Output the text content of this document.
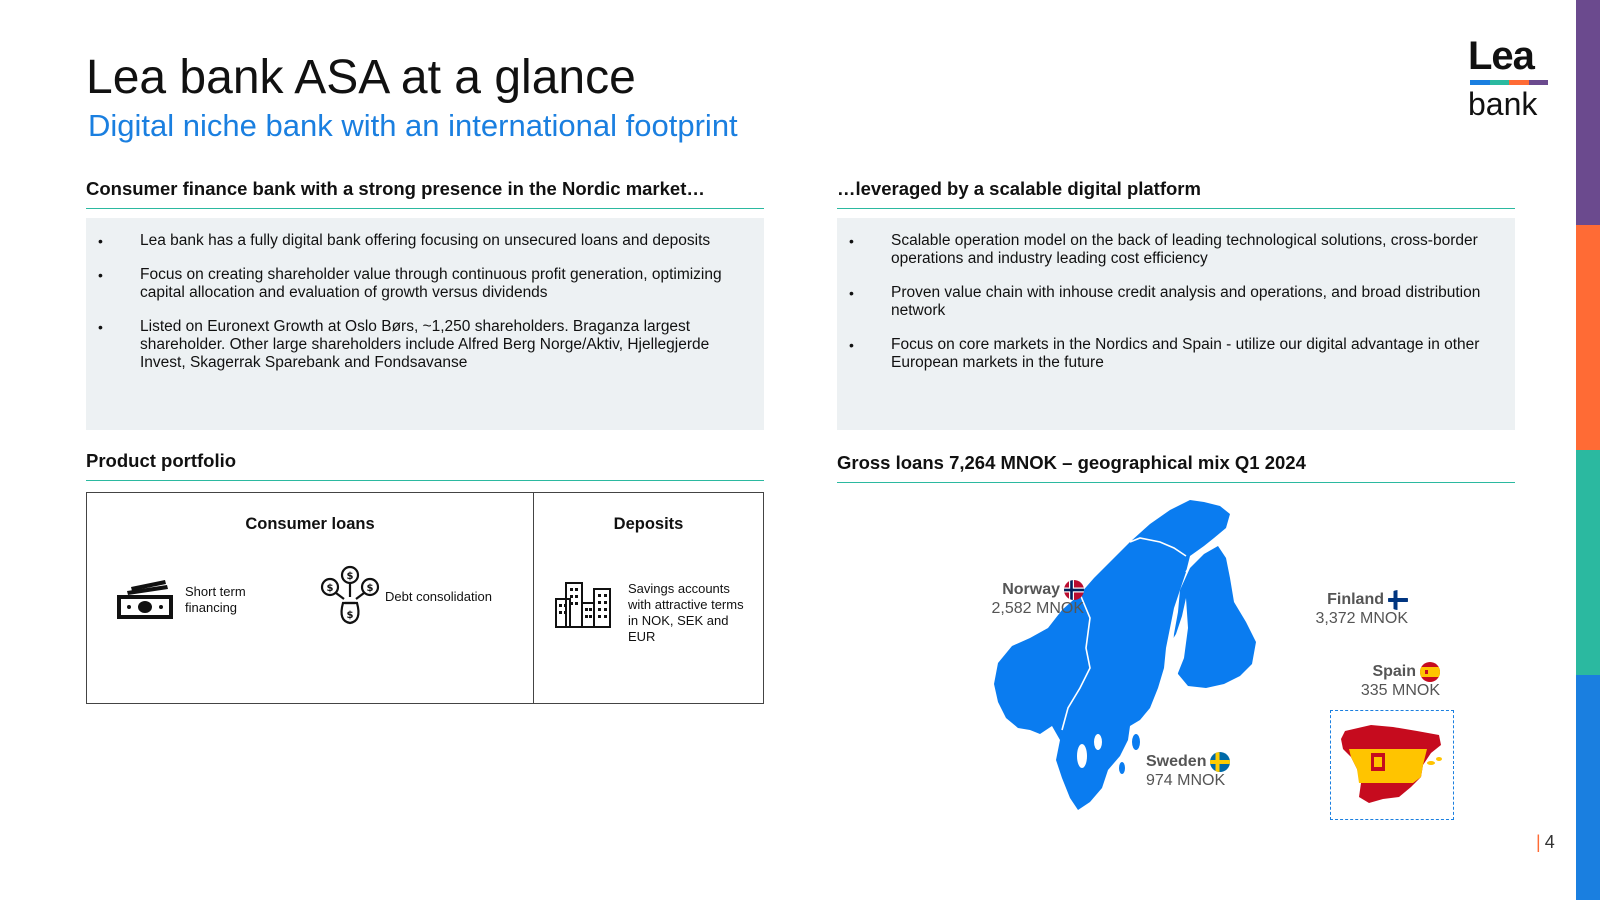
Lea bank ASA at a glance
Digital niche bank with an international footprint
Lea
bank
Consumer finance bank with a strong presence in the Nordic market…
• Lea bank has a fully digital bank offering focusing on unsecured loans and deposits
• Focus on creating shareholder value through continuous profit generation, optimizing capital allocation and evaluation of growth versus dividends
• Listed on Euronext Growth at Oslo Børs, ~1,250 shareholders. Braganza largest shareholder. Other large shareholders include Alfred Berg Norge/Aktiv, Hjellegjerde Invest, Skagerrak Sparebank and Fondsavanse
…leveraged by a scalable digital platform
• Scalable operation model on the back of leading technological solutions, cross-border operations and industry leading cost efficiency
• Proven value chain with inhouse credit analysis and operations, and broad distribution network
• Focus on core markets in the Nordics and Spain - utilize our digital advantage in other European markets in the future
Product portfolio
Consumer loans
Short term financing
$
$	$
$
Debt consolidation
Deposits
Savings accounts with attractive terms in NOK, SEK and EUR
Gross loans 7,264 MNOK – geographical mix Q1 2024
Norway
2,582 MNOK
Finland
3,372 MNOK
Spain
335 MNOK
Sweden
974 MNOK
| 4
